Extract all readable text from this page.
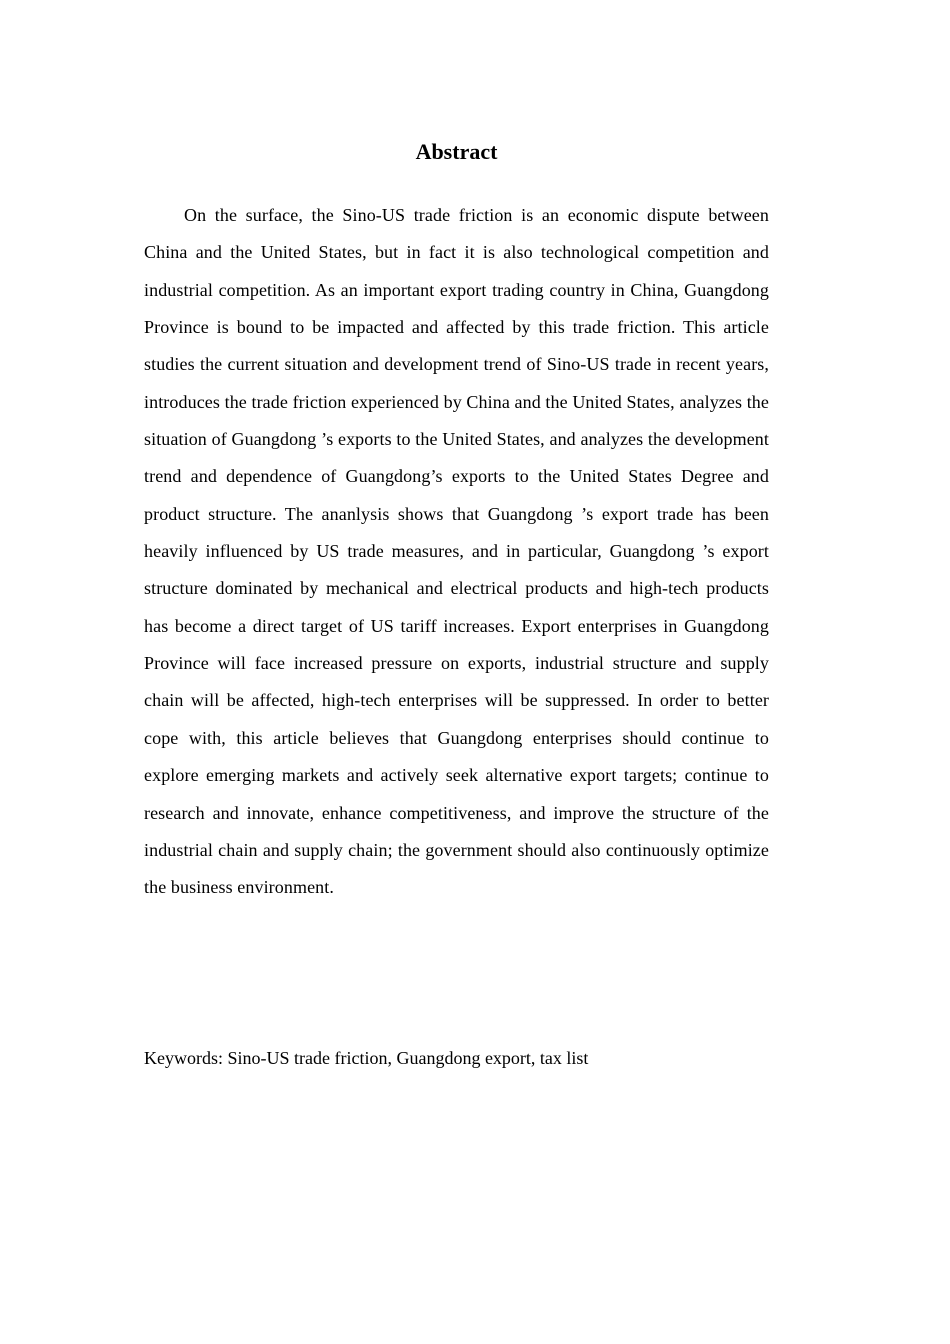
Abstract

On the surface, the Sino-US trade friction is an economic dispute between China and the United States, but in fact it is also technological competition and industrial competition. As an important export trading country in China, Guangdong Province is bound to be impacted and affected by this trade friction. This article studies the current situation and development trend of Sino-US trade in recent years, introduces the trade friction experienced by China and the United States, analyzes the situation of Guangdong ’s exports to the United States, and analyzes the development trend and dependence of Guangdong’s exports to the United States Degree and product structure. The ananlysis shows that Guangdong ’s export trade has been heavily influenced by US trade measures, and in particular, Guangdong ’s export structure dominated by mechanical and electrical products and high-tech products has become a direct target of US tariff increases. Export enterprises in Guangdong Province will face increased pressure on exports, industrial structure and supply chain will be affected, high-tech enterprises will be suppressed. In order to better cope with, this article believes that Guangdong enterprises should continue to explore emerging markets and actively seek alternative export targets; continue to research and innovate, enhance competitiveness, and improve the structure of the industrial chain and supply chain; the government should also continuously optimize the business environment.

Keywords: Sino-US trade friction, Guangdong export, tax list
